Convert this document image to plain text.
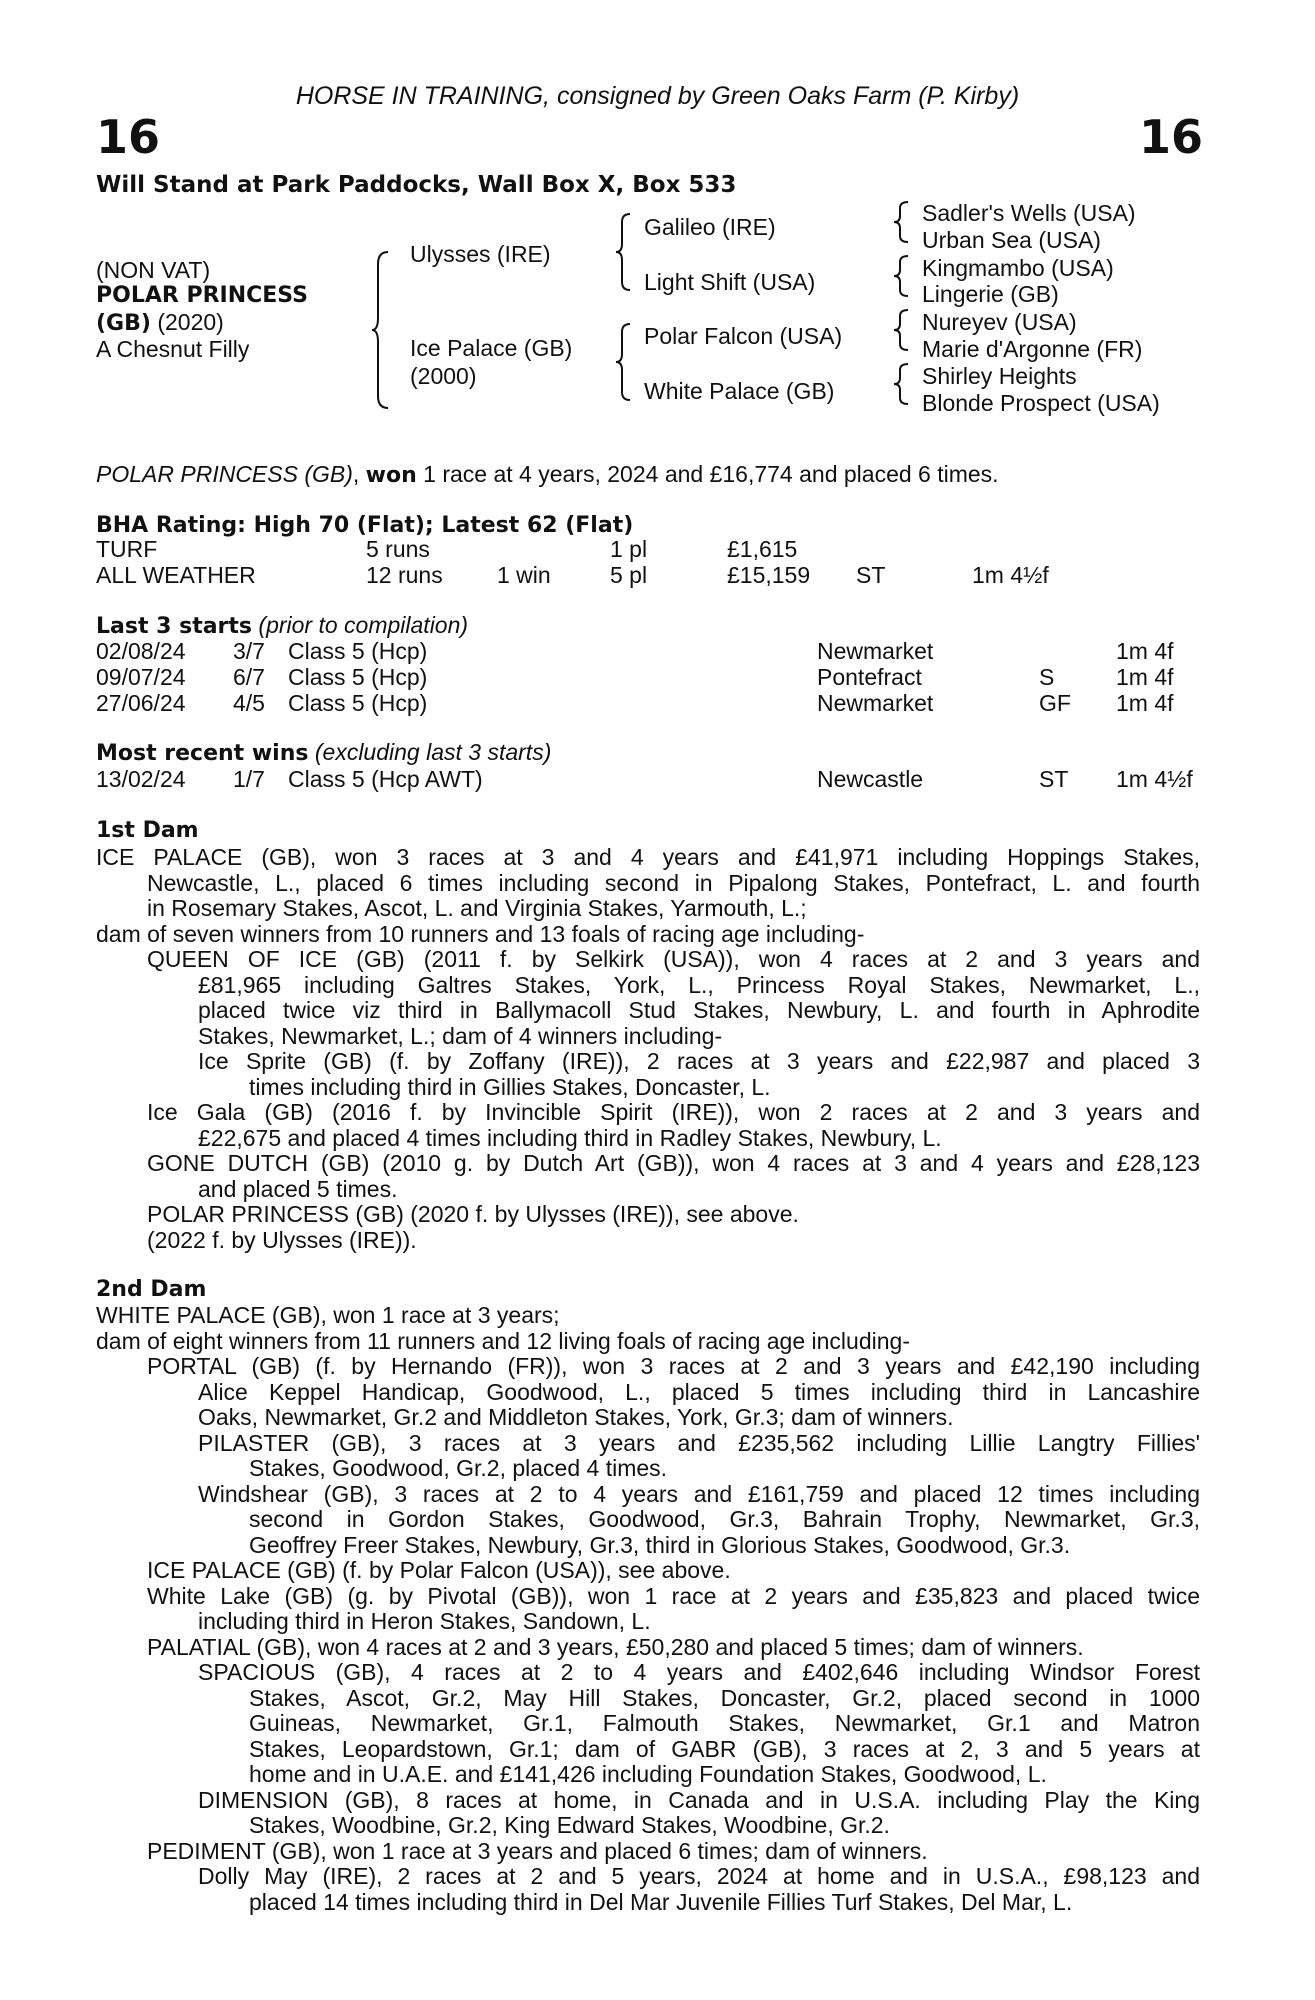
HORSE IN TRAINING, consigned by Green Oaks Farm (P. Kirby)
16	16
Will Stand at Park Paddocks, Wall Box X, Box 533
(NON VAT)
POLAR PRINCESS
(GB) (2020)
A Chesnut Filly
Ulysses (IRE)
Ice Palace (GB)
(2000)
Galileo (IRE)
Light Shift (USA)
Polar Falcon (USA)
White Palace (GB)
Sadler's Wells (USA)
Urban Sea (USA)
Kingmambo (USA)
Lingerie (GB)
Nureyev (USA)
Marie d'Argonne (FR)
Shirley Heights
Blonde Prospect (USA)
POLAR PRINCESS (GB), won 1 race at 4 years, 2024 and £16,774 and placed 6 times.
BHA Rating: High 70 (Flat); Latest 62 (Flat)
TURF	5 runs	1 pl	£1,615
ALL WEATHER	12 runs 1 win	5 pl	£15,159 ST	1m 4½f
Last 3 starts (prior to compilation)
02/08/24 3/7 Class 5 (Hcp)	Newmarket	1m 4f
09/07/24 6/7 Class 5 (Hcp)	Pontefract	S	1m 4f
27/06/24 4/5 Class 5 (Hcp)	Newmarket	GF 1m 4f
Most recent wins (excluding last 3 starts)
13/02/24 1/7 Class 5 (Hcp AWT)	Newcastle	ST 1m 4½f
1st Dam
ICE PALACE (GB), won 3 races at 3 and 4 years and £41,971 including Hoppings Stakes,
Newcastle, L., placed 6 times including second in Pipalong Stakes, Pontefract, L. and fourth
in Rosemary Stakes, Ascot, L. and Virginia Stakes, Yarmouth, L.;
dam of seven winners from 10 runners and 13 foals of racing age including-
QUEEN OF ICE (GB) (2011 f. by Selkirk (USA)), won 4 races at 2 and 3 years and
£81,965 including Galtres Stakes, York, L., Princess Royal Stakes, Newmarket, L.,
placed twice viz third in Ballymacoll Stud Stakes, Newbury, L. and fourth in Aphrodite
Stakes, Newmarket, L.; dam of 4 winners including-
Ice Sprite (GB) (f. by Zoffany (IRE)), 2 races at 3 years and £22,987 and placed 3
times including third in Gillies Stakes, Doncaster, L.
Ice Gala (GB) (2016 f. by Invincible Spirit (IRE)), won 2 races at 2 and 3 years and
£22,675 and placed 4 times including third in Radley Stakes, Newbury, L.
GONE DUTCH (GB) (2010 g. by Dutch Art (GB)), won 4 races at 3 and 4 years and £28,123
and placed 5 times.
POLAR PRINCESS (GB) (2020 f. by Ulysses (IRE)), see above.
(2022 f. by Ulysses (IRE)).
2nd Dam
WHITE PALACE (GB), won 1 race at 3 years;
dam of eight winners from 11 runners and 12 living foals of racing age including-
PORTAL (GB) (f. by Hernando (FR)), won 3 races at 2 and 3 years and £42,190 including
Alice Keppel Handicap, Goodwood, L., placed 5 times including third in Lancashire
Oaks, Newmarket, Gr.2 and Middleton Stakes, York, Gr.3; dam of winners.
PILASTER (GB), 3 races at 3 years and £235,562 including Lillie Langtry Fillies'
Stakes, Goodwood, Gr.2, placed 4 times.
Windshear (GB), 3 races at 2 to 4 years and £161,759 and placed 12 times including
second in Gordon Stakes, Goodwood, Gr.3, Bahrain Trophy, Newmarket, Gr.3,
Geoffrey Freer Stakes, Newbury, Gr.3, third in Glorious Stakes, Goodwood, Gr.3.
ICE PALACE (GB) (f. by Polar Falcon (USA)), see above.
White Lake (GB) (g. by Pivotal (GB)), won 1 race at 2 years and £35,823 and placed twice
including third in Heron Stakes, Sandown, L.
PALATIAL (GB), won 4 races at 2 and 3 years, £50,280 and placed 5 times; dam of winners.
SPACIOUS (GB), 4 races at 2 to 4 years and £402,646 including Windsor Forest
Stakes, Ascot, Gr.2, May Hill Stakes, Doncaster, Gr.2, placed second in 1000
Guineas, Newmarket, Gr.1, Falmouth Stakes, Newmarket, Gr.1 and Matron
Stakes, Leopardstown, Gr.1; dam of GABR (GB), 3 races at 2, 3 and 5 years at
home and in U.A.E. and £141,426 including Foundation Stakes, Goodwood, L.
DIMENSION (GB), 8 races at home, in Canada and in U.S.A. including Play the King
Stakes, Woodbine, Gr.2, King Edward Stakes, Woodbine, Gr.2.
PEDIMENT (GB), won 1 race at 3 years and placed 6 times; dam of winners.
Dolly May (IRE), 2 races at 2 and 5 years, 2024 at home and in U.S.A., £98,123 and
placed 14 times including third in Del Mar Juvenile Fillies Turf Stakes, Del Mar, L.
